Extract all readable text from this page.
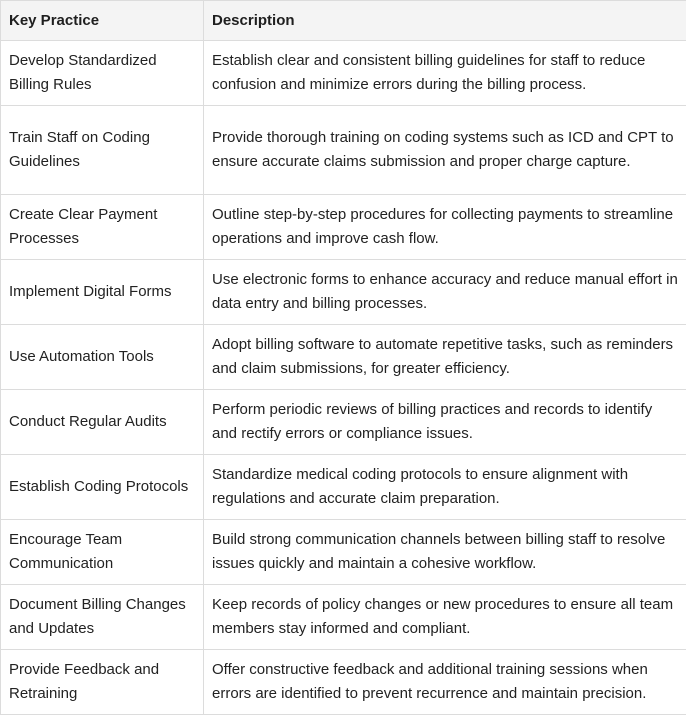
Key Practice	Description
Develop Standardized Billing Rules	Establish clear and consistent billing guidelines for staff to reduce confusion and minimize errors during the billing process.
Train Staff on Coding Guidelines	Provide thorough training on coding systems such as ICD and CPT to ensure accurate claims submission and proper charge capture.
Create Clear Payment Processes	Outline step-by-step procedures for collecting payments to streamline operations and improve cash flow.
Implement Digital Forms	Use electronic forms to enhance accuracy and reduce manual effort in data entry and billing processes.
Use Automation Tools	Adopt billing software to automate repetitive tasks, such as reminders and claim submissions, for greater efficiency.
Conduct Regular Audits	Perform periodic reviews of billing practices and records to identify and rectify errors or compliance issues.
Establish Coding Protocols	Standardize medical coding protocols to ensure alignment with regulations and accurate claim preparation.
Encourage Team Communication	Build strong communication channels between billing staff to resolve issues quickly and maintain a cohesive workflow.
Document Billing Changes and Updates	Keep records of policy changes or new procedures to ensure all team members stay informed and compliant.
Provide Feedback and Retraining	Offer constructive feedback and additional training sessions when errors are identified to prevent recurrence and maintain precision.
